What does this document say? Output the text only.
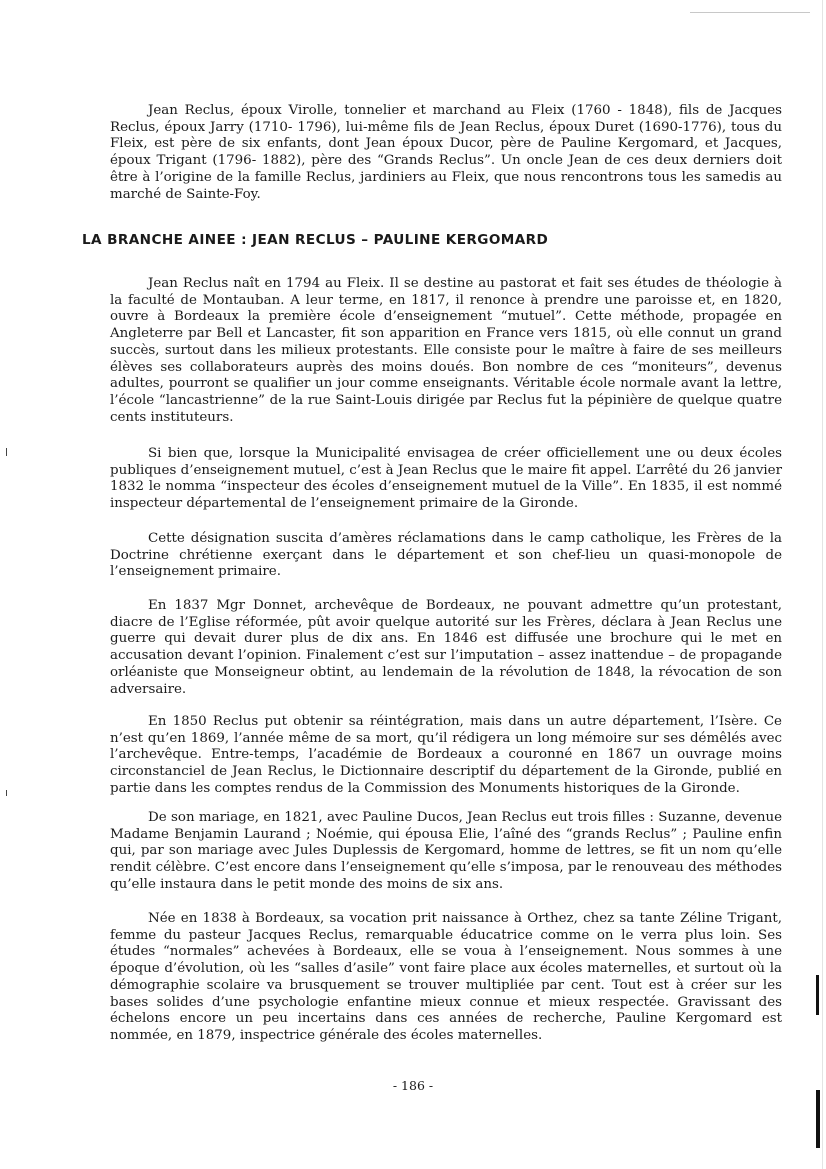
Jean Reclus, époux Virolle, tonnelier et marchand au Fleix (1760 - 1848), fils de Jacques Reclus, époux Jarry (1710- 1796), lui-même fils de Jean Reclus, époux Duret (1690-1776), tous du Fleix, est père de six enfants, dont Jean époux Ducor, père de Pauline Kergomard, et Jacques, époux Trigant (1796- 1882), père des “Grands Reclus”. Un oncle Jean de ces deux derniers doit être à l’origine de la famille Reclus, jardiniers au Fleix, que nous rencontrons tous les samedis au marché de Sainte-Foy.

LA BRANCHE AINEE : JEAN RECLUS – PAULINE KERGOMARD

Jean Reclus naît en 1794 au Fleix. Il se destine au pastorat et fait ses études de théologie à la faculté de Montauban. A leur terme, en 1817, il renonce à prendre une paroisse et, en 1820, ouvre à Bordeaux la première école d’enseignement “mutuel”. Cette méthode, propagée en Angleterre par Bell et Lancaster, fit son apparition en France vers 1815, où elle connut un grand succès, surtout dans les milieux protestants. Elle consiste pour le maître à faire de ses meilleurs élèves ses collaborateurs auprès des moins doués. Bon nombre de ces “moniteurs”, devenus adultes, pourront se qualifier un jour comme enseignants. Véritable école normale avant la lettre, l’école “lancastrienne” de la rue Saint-Louis dirigée par Reclus fut la pépinière de quelque quatre cents instituteurs.

Si bien que, lorsque la Municipalité envisagea de créer officiellement une ou deux écoles publiques d’enseignement mutuel, c’est à Jean Reclus que le maire fit appel. L’arrêté du 26 janvier 1832 le nomma “inspecteur des écoles d’enseignement mutuel de la Ville”. En 1835, il est nommé inspecteur départemental de l’enseignement primaire de la Gironde.

Cette désignation suscita d’amères réclamations dans le camp catholique, les Frères de la Doctrine chrétienne exerçant dans le département et son chef-lieu un quasi-monopole de l’enseignement primaire.

En 1837 Mgr Donnet, archevêque de Bordeaux, ne pouvant admettre qu’un protestant, diacre de l’Eglise réformée, pût avoir quelque autorité sur les Frères, déclara à Jean Reclus une guerre qui devait durer plus de dix ans. En 1846 est diffusée une brochure qui le met en accusation devant l’opinion. Finalement c’est sur l’imputation – assez inattendue – de propagande orléaniste que Monseigneur obtint, au lendemain de la révolution de 1848, la révocation de son adversaire.

En 1850 Reclus put obtenir sa réintégration, mais dans un autre département, l’Isère. Ce n’est qu’en 1869, l’année même de sa mort, qu’il rédigera un long mémoire sur ses démêlés avec l’archevêque. Entre-temps, l’académie de Bordeaux a couronné en 1867 un ouvrage moins circonstanciel de Jean Reclus, le Dictionnaire descriptif du département de la Gironde, publié en partie dans les comptes rendus de la Commission des Monuments historiques de la Gironde.

De son mariage, en 1821, avec Pauline Ducos, Jean Reclus eut trois filles : Suzanne, devenue Madame Benjamin Laurand ; Noémie, qui épousa Elie, l’aîné des “grands Reclus” ; Pauline enfin qui, par son mariage avec Jules Duplessis de Kergomard, homme de lettres, se fit un nom qu’elle rendit célèbre. C’est encore dans l’enseignement qu’elle s’imposa, par le renouveau des méthodes qu’elle instaura dans le petit monde des moins de six ans.

Née en 1838 à Bordeaux, sa vocation prit naissance à Orthez, chez sa tante Zéline Trigant, femme du pasteur Jacques Reclus, remarquable éducatrice comme on le verra plus loin. Ses études “normales” achevées à Bordeaux, elle se voua à l’enseignement. Nous sommes à une époque d’évolution, où les “salles d’asile” vont faire place aux écoles maternelles, et surtout où la démographie scolaire va brusquement se trouver multipliée par cent. Tout est à créer sur les bases solides d’une psychologie enfantine mieux connue et mieux respectée. Gravissant des échelons encore un peu incertains dans ces années de recherche, Pauline Kergomard est nommée, en 1879, inspectrice générale des écoles maternelles.

- 186 -
